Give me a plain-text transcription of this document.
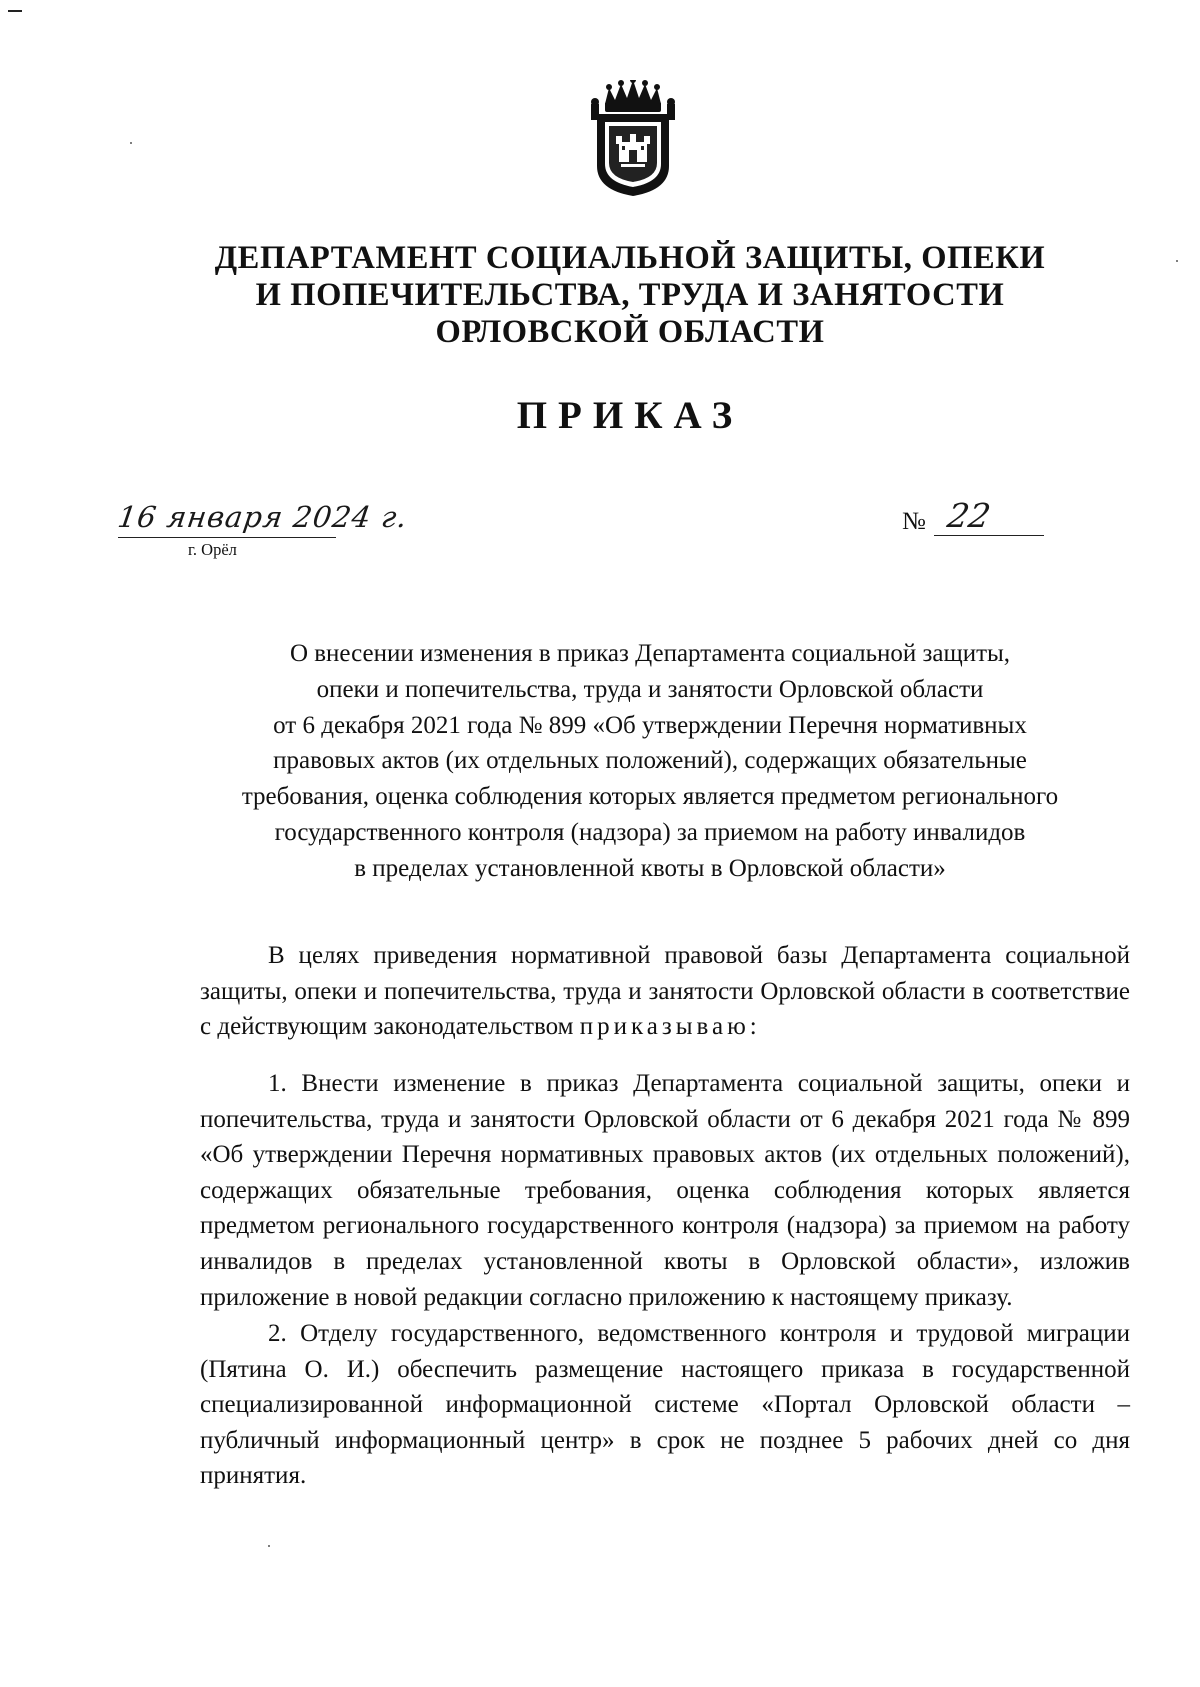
ДЕПАРТАМЕНТ СОЦИАЛЬНОЙ ЗАЩИТЫ, ОПЕКИ
И ПОПЕЧИТЕЛЬСТВА, ТРУДА И ЗАНЯТОСТИ
ОРЛОВСКОЙ ОБЛАСТИ
ПРИКАЗ
16 января 2024 г.
г. Орёл
№ 22
О внесении изменения в приказ Департамента социальной защиты,
опеки и попечительства, труда и занятости Орловской области
от 6 декабря 2021 года № 899 «Об утверждении Перечня нормативных
правовых актов (их отдельных положений), содержащих обязательные
требования, оценка соблюдения которых является предметом регионального
государственного контроля (надзора) за приемом на работу инвалидов
в пределах установленной квоты в Орловской области»
В целях приведения нормативной правовой базы Департамента социальной защиты, опеки и попечительства, труда и занятости Орловской области в соответствие с действующим законодательством приказываю:
1. Внести изменение в приказ Департамента социальной защиты, опеки и попечительства, труда и занятости Орловской области от 6 декабря 2021 года № 899 «Об утверждении Перечня нормативных правовых актов (их отдельных положений), содержащих обязательные требования, оценка соблюдения которых является предметом регионального государственного контроля (надзора) за приемом на работу инвалидов в пределах установленной квоты в Орловской области», изложив приложение в новой редакции согласно приложению к настоящему приказу.
2. Отделу государственного, ведомственного контроля и трудовой миграции (Пятина О. И.) обеспечить размещение настоящего приказа в государственной специализированной информационной системе «Портал Орловской области – публичный информационный центр» в срок не позднее 5 рабочих дней со дня принятия.
